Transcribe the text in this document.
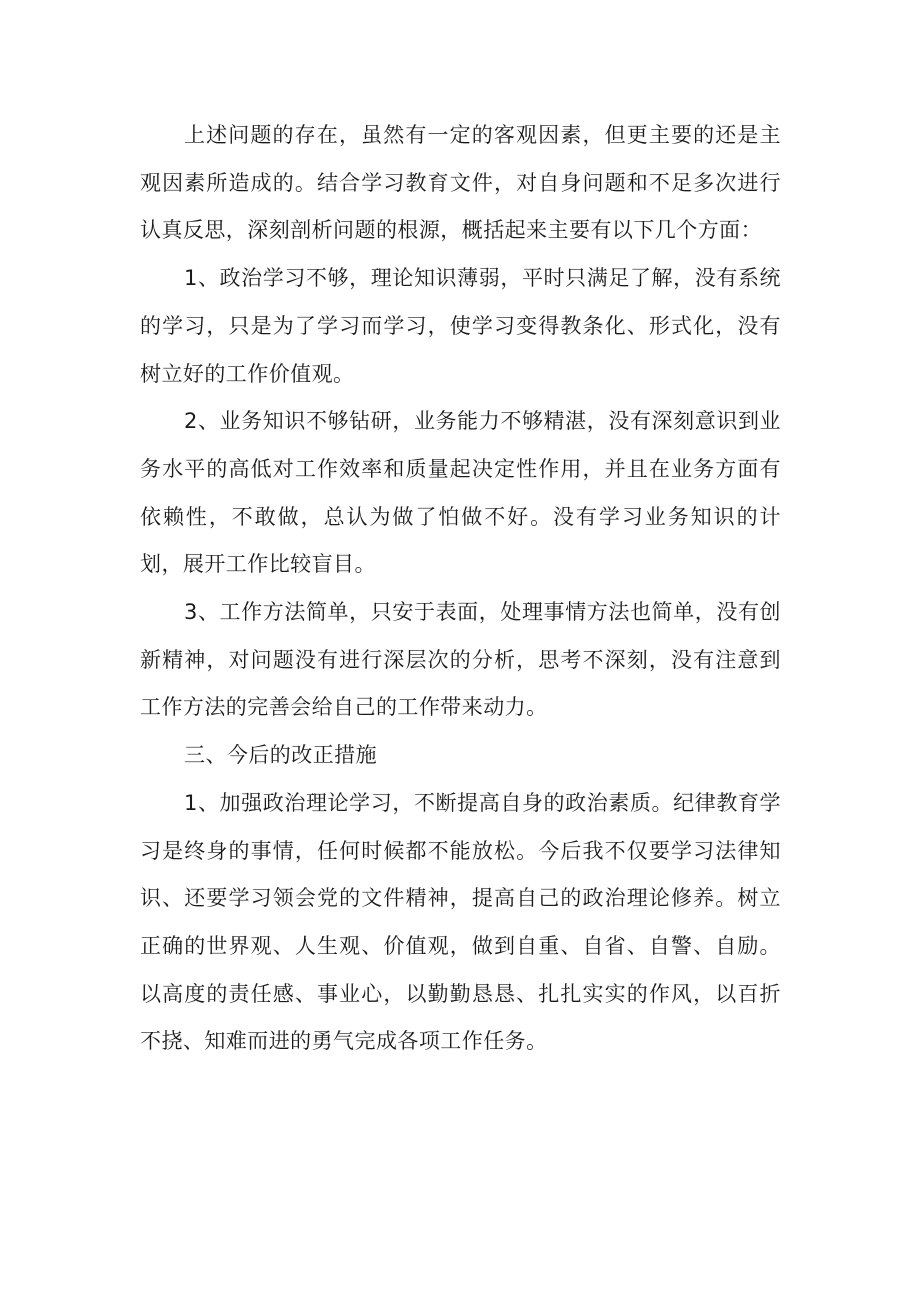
上述问题的存在，虽然有一定的客观因素，但更主要的还是主观因素所造成的。结合学习教育文件，对自身问题和不足多次进行认真反思，深刻剖析问题的根源，概括起来主要有以下几个方面：

1、政治学习不够，理论知识薄弱，平时只满足了解，没有系统的学习，只是为了学习而学习，使学习变得教条化、形式化，没有树立好的工作价值观。

2、业务知识不够钻研，业务能力不够精湛，没有深刻意识到业务水平的高低对工作效率和质量起决定性作用，并且在业务方面有依赖性，不敢做，总认为做了怕做不好。没有学习业务知识的计划，展开工作比较盲目。

3、工作方法简单，只安于表面，处理事情方法也简单，没有创新精神，对问题没有进行深层次的分析，思考不深刻，没有注意到工作方法的完善会给自己的工作带来动力。

三、今后的改正措施

1、加强政治理论学习，不断提高自身的政治素质。纪律教育学习是终身的事情，任何时候都不能放松。今后我不仅要学习法律知识、还要学习领会党的文件精神，提高自己的政治理论修养。树立正确的世界观、人生观、价值观，做到自重、自省、自警、自励。以高度的责任感、事业心，以勤勤恳恳、扎扎实实的作风，以百折不挠、知难而进的勇气完成各项工作任务。
